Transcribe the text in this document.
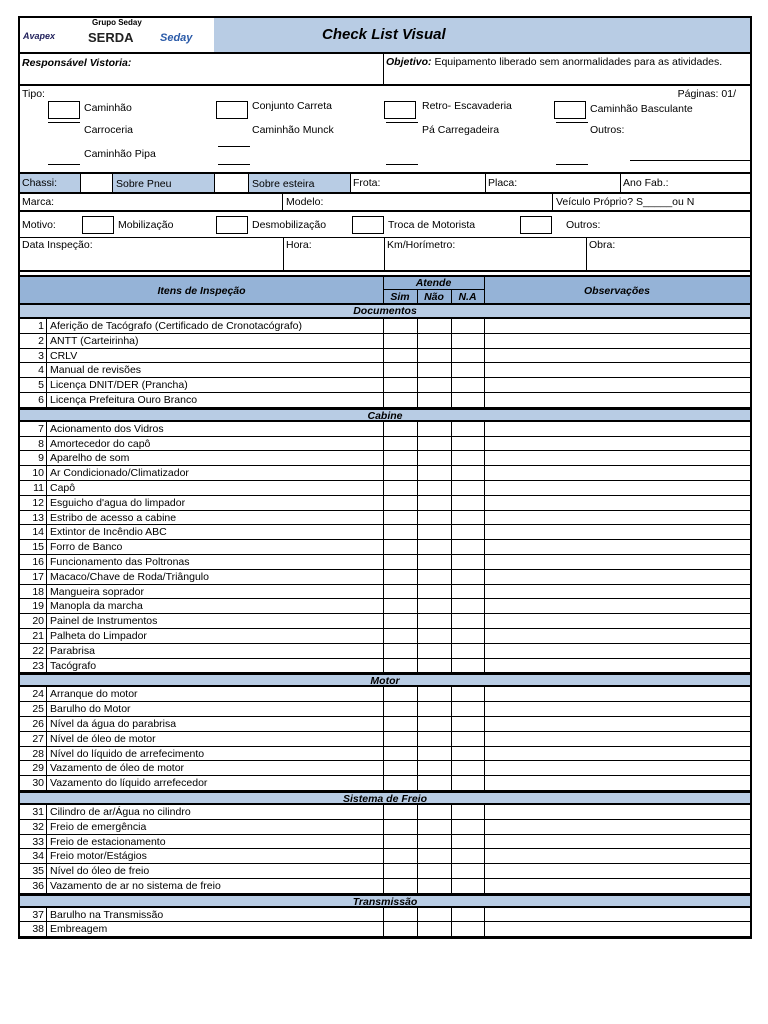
Grupo Seday
Avapex	SERDA Seday	Check List Visual
Responsável Vistoria:	Objetivo: Equipamento liberado sem anormalidades para as atividades.
Tipo:	Páginas: 01/
Caminhão	Conjunto Carreta	Retro- Escavaderia	Caminhão Basculante
Carroceria	Caminhão Munck	Pá Carregadeira	Outros:
Caminhão Pipa
Chassi:	Sobre Pneu	Sobre esteira	Frota:	Placa:	Ano Fab.:
Marca:	Modelo:	Veículo Próprio? S_____ou N
Motivo:	Mobilização	Desmobilização	Troca de Motorista	Outros:
Data Inspeção:	Hora:	Km/Horímetro:	Obra:
Itens de Inspeção
Atende
Sim	Não	N.A	Observações
Documentos
1 Aferição de Tacógrafo (Certificado de Cronotacógrafo)
2 ANTT (Carteirinha)
3 CRLV
4 Manual de revisões
5 Licença DNIT/DER (Prancha)
6 Licença Prefeitura Ouro Branco
Cabine
7 Acionamento dos Vidros
8 Amortecedor do capô
9 Aparelho de som
10 Ar Condicionado/Climatizador
11 Capô
12 Esguicho d'agua do limpador
13 Estribo de acesso a cabine
14 Extintor de Incêndio ABC
15 Forro de Banco
16 Funcionamento das Poltronas
17 Macaco/Chave de Roda/Triângulo
18 Mangueira soprador
19 Manopla da marcha
20 Painel de Instrumentos
21 Palheta do Limpador
22 Parabrisa
23 Tacógrafo
Motor
24 Arranque do motor
25 Barulho do Motor
26 Nível da água do parabrisa
27 Nível de óleo de motor
28 Nível do líquido de arrefecimento
29 Vazamento de óleo de motor
30 Vazamento do líquido arrefecedor
Sistema de Freio
31 Cilindro de ar/Água no cilindro
32 Freio de emergência
33 Freio de estacionamento
34 Freio motor/Estágios
35 Nível do óleo de freio
36 Vazamento de ar no sistema de freio
Transmissão
37 Barulho na Transmissão
38 Embreagem
